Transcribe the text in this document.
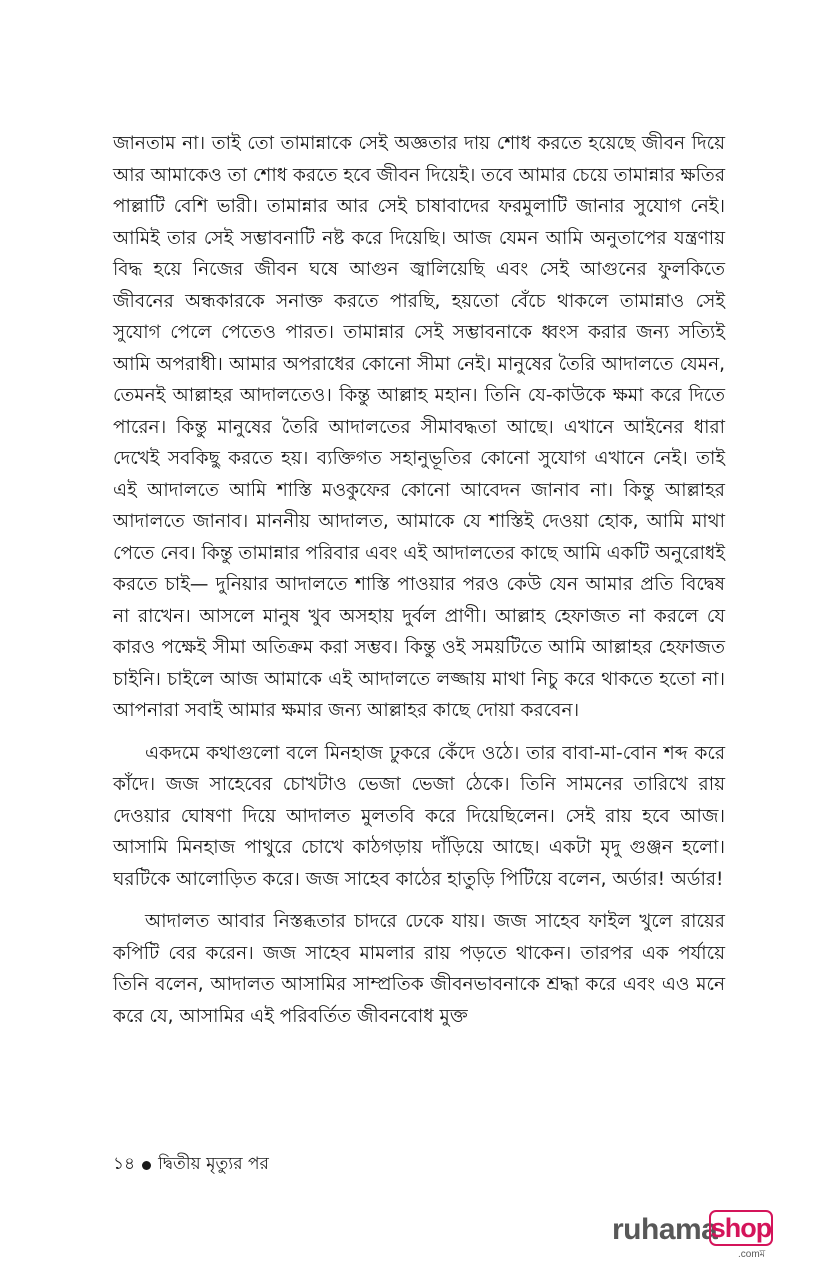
জানতাম না। তাই তো তামান্নাকে সেই অজ্ঞতার দায় শোধ করতে হয়েছে জীবন দিয়ে আর আমাকেও তা শোধ করতে হবে জীবন দিয়েই। তবে আমার চেয়ে তামান্নার ক্ষতির পাল্লাটি বেশি ভারী। তামান্নার আর সেই চাষাবাদের ফরমুলাটি জানার সুযোগ নেই। আমিই তার সেই সম্ভাবনাটি নষ্ট করে দিয়েছি। আজ যেমন আমি অনুতাপের যন্ত্রণায় বিদ্ধ হয়ে নিজের জীবন ঘষে আগুন জ্বালিয়েছি এবং সেই আগুনের ফুলকিতে জীবনের অন্ধকারকে সনাক্ত করতে পারছি, হয়তো বেঁচে থাকলে তামান্নাও সেই সুযোগ পেলে পেতেও পারত। তামান্নার সেই সম্ভাবনাকে ধ্বংস করার জন্য সত্যিই আমি অপরাধী। আমার অপরাধের কোনো সীমা নেই। মানুষের তৈরি আদালতে যেমন, তেমনই আল্লাহর আদালতেও। কিন্তু আল্লাহ মহান। তিনি যে-কাউকে ক্ষমা করে দিতে পারেন। কিন্তু মানুষের তৈরি আদালতের সীমাবদ্ধতা আছে। এখানে আইনের ধারা দেখেই সবকিছু করতে হয়। ব্যক্তিগত সহানুভূতির কোনো সুযোগ এখানে নেই। তাই এই আদালতে আমি শাস্তি মওকুফের কোনো আবেদন জানাব না। কিন্তু আল্লাহর আদালতে জানাব। মাননীয় আদালত, আমাকে যে শাস্তিই দেওয়া হোক, আমি মাথা পেতে নেব। কিন্তু তামান্নার পরিবার এবং এই আদালতের কাছে আমি একটি অনুরোধই করতে চাই— দুনিয়ার আদালতে শাস্তি পাওয়ার পরও কেউ যেন আমার প্রতি বিদ্বেষ না রাখেন। আসলে মানুষ খুব অসহায় দুর্বল প্রাণী। আল্লাহ হেফাজত না করলে যে কারও পক্ষেই সীমা অতিক্রম করা সম্ভব। কিন্তু ওই সময়টিতে আমি আল্লাহর হেফাজত চাইনি। চাইলে আজ আমাকে এই আদালতে লজ্জায় মাথা নিচু করে থাকতে হতো না। আপনারা সবাই আমার ক্ষমার জন্য আল্লাহর কাছে দোয়া করবেন।

একদমে কথাগুলো বলে মিনহাজ ঢুকরে কেঁদে ওঠে। তার বাবা-মা-বোন শব্দ করে কাঁদে। জজ সাহেবের চোখটাও ভেজা ভেজা ঠেকে। তিনি সামনের তারিখে রায় দেওয়ার ঘোষণা দিয়ে আদালত মুলতবি করে দিয়েছিলেন। সেই রায় হবে আজ। আসামি মিনহাজ পাথুরে চোখে কাঠগড়ায় দাঁড়িয়ে আছে। একটা মৃদু গুঞ্জন হলো। ঘরটিকে আলোড়িত করে। জজ সাহেব কাঠের হাতুড়ি পিটিয়ে বলেন, অর্ডার! অর্ডার!

আদালত আবার নিস্তব্ধতার চাদরে ঢেকে যায়। জজ সাহেব ফাইল খুলে রায়ের কপিটি বের করেন। জজ সাহেব মামলার রায় পড়তে থাকেন। তারপর এক পর্যায়ে তিনি বলেন, আদালত আসামির সাম্প্রতিক জীবনভাবনাকে শ্রদ্ধা করে এবং এও মনে করে যে, আসামির এই পরিবর্তিত জীবনবোধ মুক্ত

১৪ দ্বিতীয় মৃত্যুর পর
ruhama
shop
.comম
